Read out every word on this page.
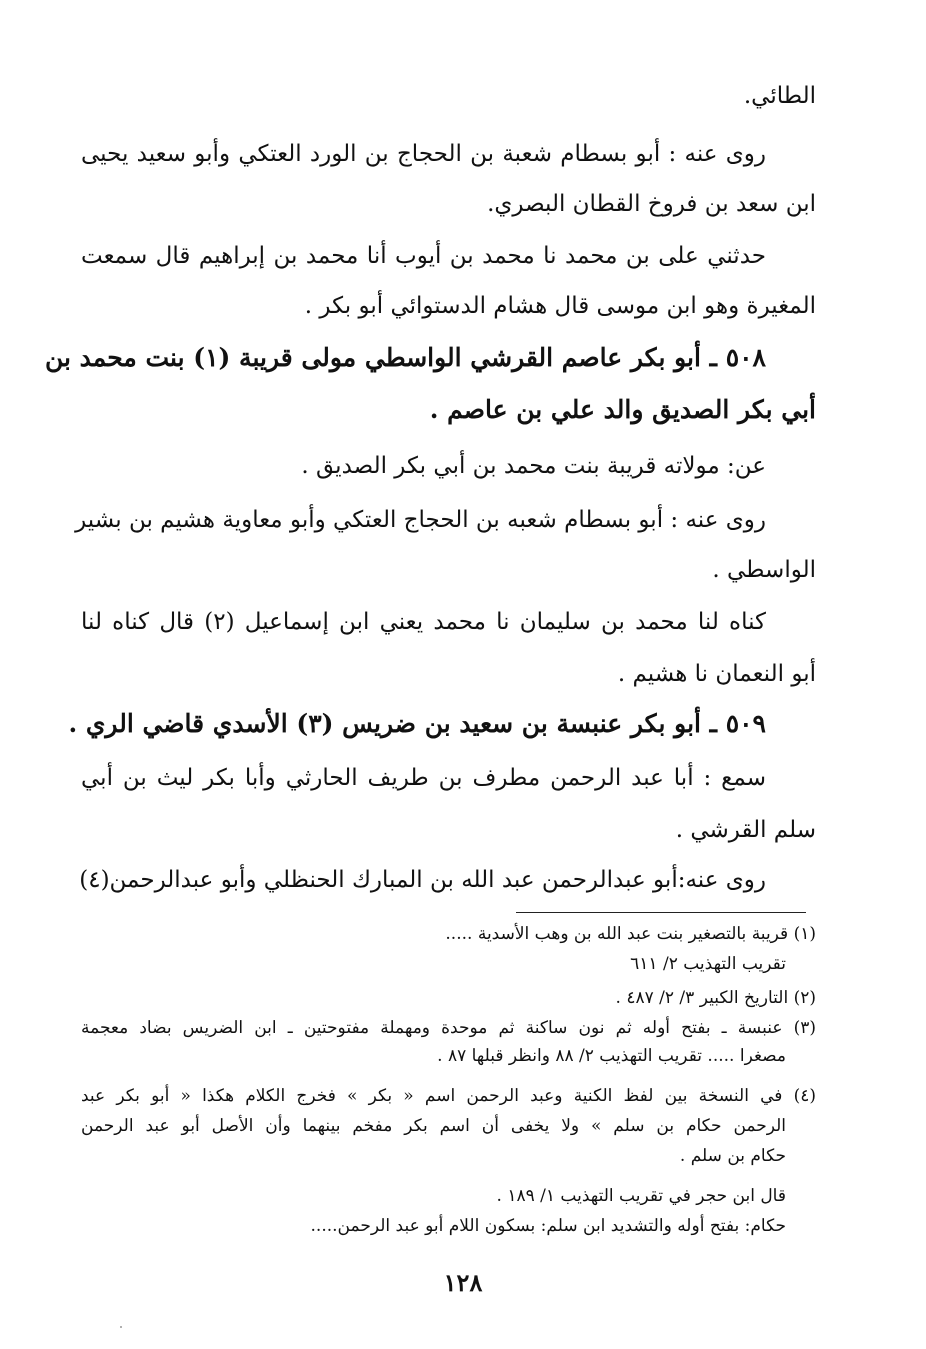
الطائي.
روى عنه : أبو بسطام شعبة بن الحجاج بن الورد العتكي وأبو سعيد يحيى
ابن سعد بن فروخ القطان البصري.
حدثني على بن محمد نا محمد بن أيوب أنا محمد بن إبراهيم قال سمعت
المغيرة وهو ابن موسى قال هشام الدستوائي أبو بكر .
٥٠٨ ـ أبو بكر عاصم القرشي الواسطي مولى قريبة (١) بنت محمد بن
أبي بكر الصديق والد علي بن عاصم .
عن: مولاته قريبة بنت محمد بن أبي بكر الصديق .
روى عنه : أبو بسطام شعبه بن الحجاج العتكي وأبو معاوية هشيم بن بشير
الواسطي .
كناه لنا محمد بن سليمان نا محمد يعني ابن إسماعيل (٢) قال كناه لنا
أبو النعمان نا هشيم .
٥٠٩ ـ أبو بكر عنبسة بن سعيد بن ضريس (٣) الأسدي قاضي الري .
سمع : أبا عبد الرحمن مطرف بن طريف الحارثي وأبا بكر ليث بن أبي
سلم القرشي .
روى عنه:أبو عبدالرحمن عبد الله بن المبارك الحنظلي وأبو عبدالرحمن(٤)
(١) قريبة بالتصغير بنت عبد الله بن وهب الأسدية .....
تقريب التهذيب ٢/ ٦١١
(٢) التاريخ الكبير ٣/ ٢/ ٤٨٧ .
(٣) عنبسة ـ بفتح أوله ثم نون ساكنة ثم موحدة ومهملة مفتوحتين ـ ابن الضريس بضاد معجمة
مصغرا ..... تقريب التهذيب ٢/ ٨٨ وانظر قبلها ٨٧ .
(٤) في النسخة بين لفظ الكنية وعبد الرحمن اسم « بكر » فخرج الكلام هكذا « أبو بكر عبد
الرحمن حكام بن سلم » ولا يخفى أن اسم بكر مفخم بينهما وأن الأصل أبو عبد الرحمن
حكام بن سلم .
قال ابن حجر في تقريب التهذيب ١/ ١٨٩ .
حكام: بفتح أوله والتشديد ابن سلم: بسكون اللام أبو عبد الرحمن.....
١٢٨
